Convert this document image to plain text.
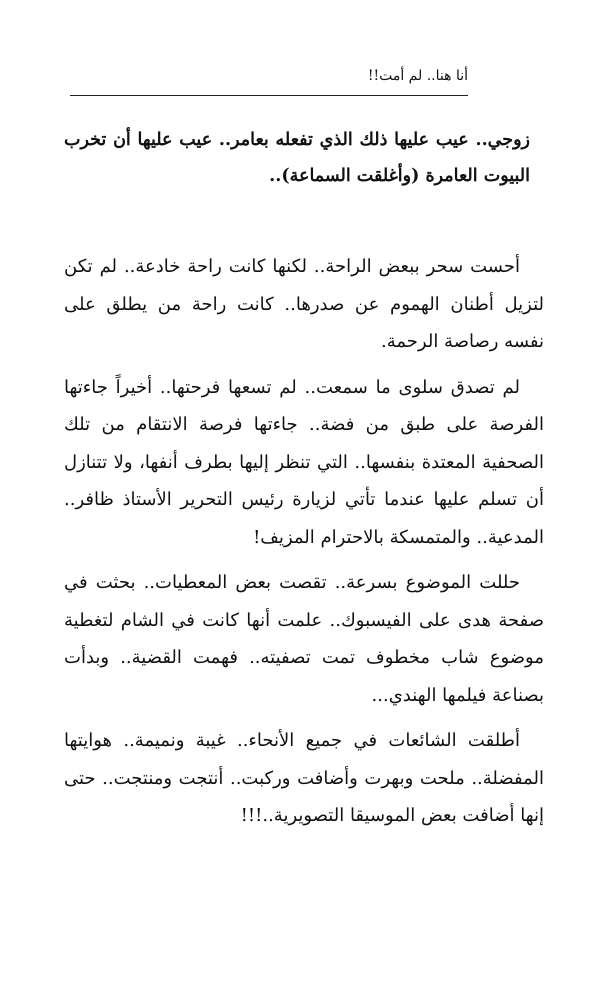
أنا هنا.. لم أمت!!

زوجي.. عيب عليها ذلك الذي تفعله بعامر.. عيب عليها أن تخرب البيوت العامرة (وأغلقت السماعة)..

أحست سحر ببعض الراحة.. لكنها كانت راحة خادعة.. لم تكن لتزيل أطنان الهموم عن صدرها.. كانت راحة من يطلق على نفسه رصاصة الرحمة.

لم تصدق سلوى ما سمعت.. لم تسعها فرحتها.. أخيراً جاءتها الفرصة على طبق من فضة.. جاءتها فرصة الانتقام من تلك الصحفية المعتدة بنفسها.. التي تنظر إليها بطرف أنفها، ولا تتنازل أن تسلم عليها عندما تأتي لزيارة رئيس التحرير الأستاذ ظافر.. المدعية.. والمتمسكة بالاحترام المزيف!

حللت الموضوع بسرعة.. تقصت بعض المعطيات.. بحثت في صفحة هدى على الفيسبوك.. علمت أنها كانت في الشام لتغطية موضوع شاب مخطوف تمت تصفيته.. فهمت القضية.. وبدأت بصناعة فيلمها الهندي...

أطلقت الشائعات في جميع الأنحاء.. غيبة ونميمة.. هوايتها المفضلة.. ملحت وبهرت وأضافت وركبت.. أنتجت ومنتجت.. حتى إنها أضافت بعض الموسيقا التصويرية..!!!
